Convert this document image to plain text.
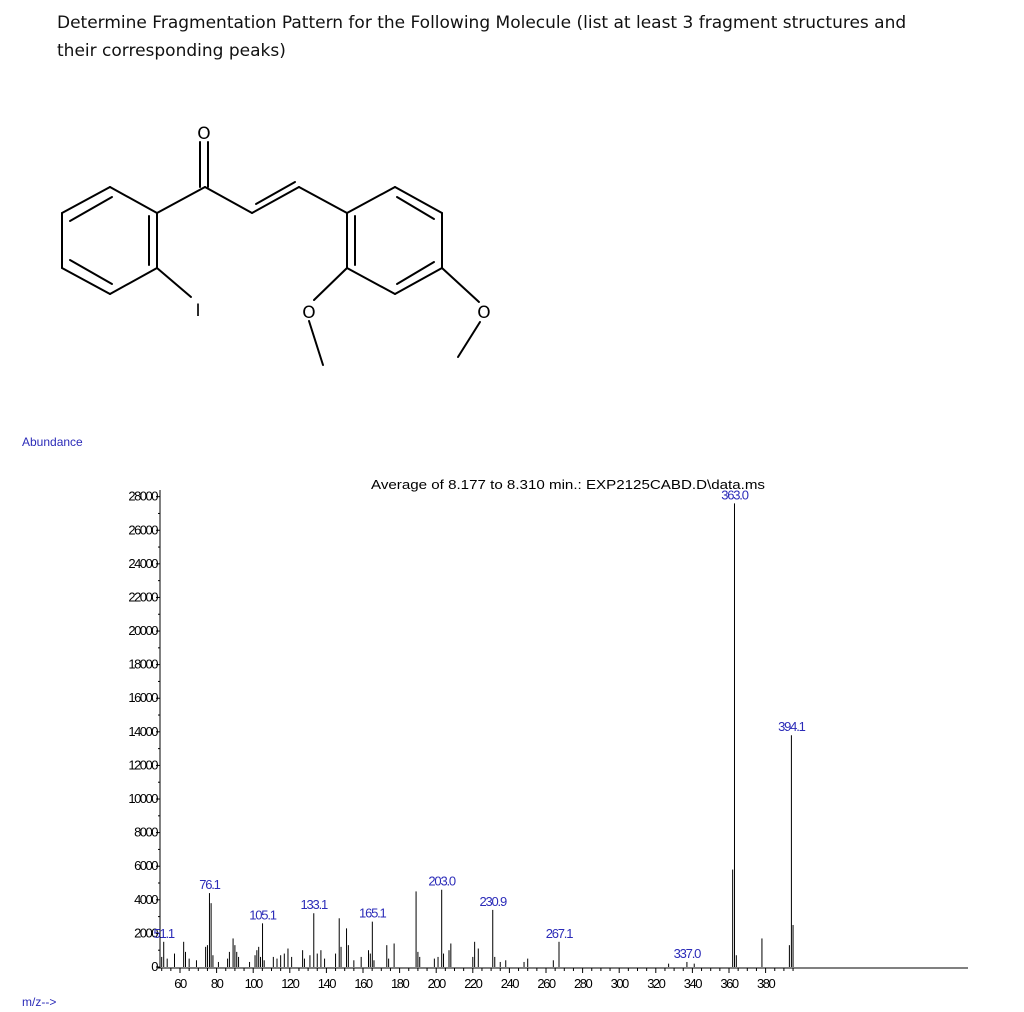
Determine Fragmentation Pattern for the Following Molecule (list at least 3 fragment structures and
their corresponding peaks)
O
I	O	O
Abundance
m/z-->
Average of 8.177 to 8.310 min.: EXP2125CABD.D\data.ms
0
2000
4000
6000
8000
10000
12000
14000
16000
18000
20000
22000
24000
26000
28000
60 80 100 120 140 160 180 200 220 240 260 280 300 320 340 360 380
51.1
76.1
105.1
133.1
165.1
203.0
230.9
267.1
337.0
363.0
394.1
